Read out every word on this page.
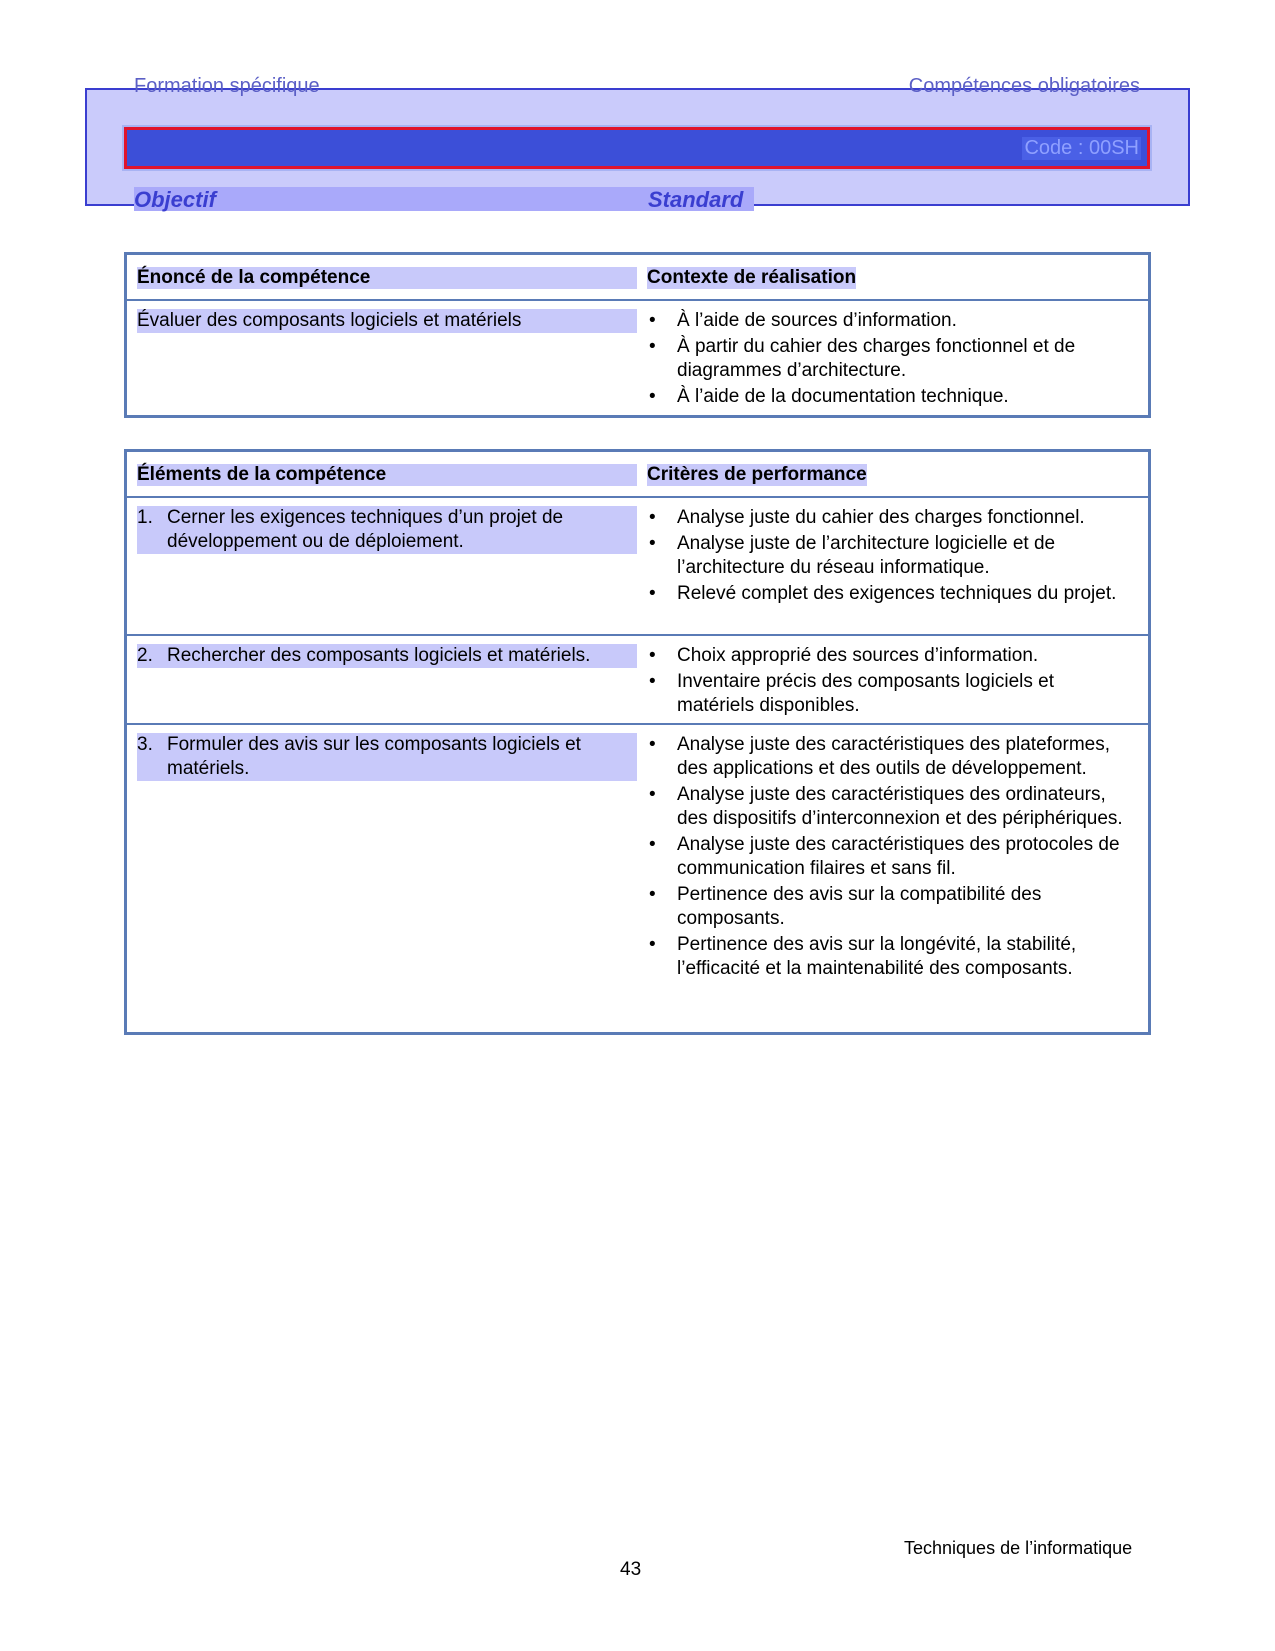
Formation spécifique	Compétences obligatoires
Code : 00SH
Objectif	Standard
Énoncé de la compétence	Contexte de réalisation
Évaluer des composants logiciels et matériels	• À l’aide de sources d’information.
• À partir du cahier des charges fonctionnel et de diagrammes d’architecture.
• À l’aide de la documentation technique.
Éléments de la compétence	Critères de performance
1. Cerner les exigences techniques d’un projet de développement ou de déploiement.
• Analyse juste du cahier des charges fonctionnel.
• Analyse juste de l’architecture logicielle et de l’architecture du réseau informatique.
• Relevé complet des exigences techniques du projet.
2. Rechercher des composants logiciels et matériels.	• Choix approprié des sources d’information.
• Inventaire précis des composants logiciels et matériels disponibles.
3. Formuler des avis sur les composants logiciels et matériels.
• Analyse juste des caractéristiques des plateformes, des applications et des outils de développement.
• Analyse juste des caractéristiques des ordinateurs, des dispositifs d’interconnexion et des périphériques.
• Analyse juste des caractéristiques des protocoles de communication filaires et sans fil.
• Pertinence des avis sur la compatibilité des composants.
• Pertinence des avis sur la longévité, la stabilité, l’efficacité et la maintenabilité des composants.
Techniques de l’informatique
43
